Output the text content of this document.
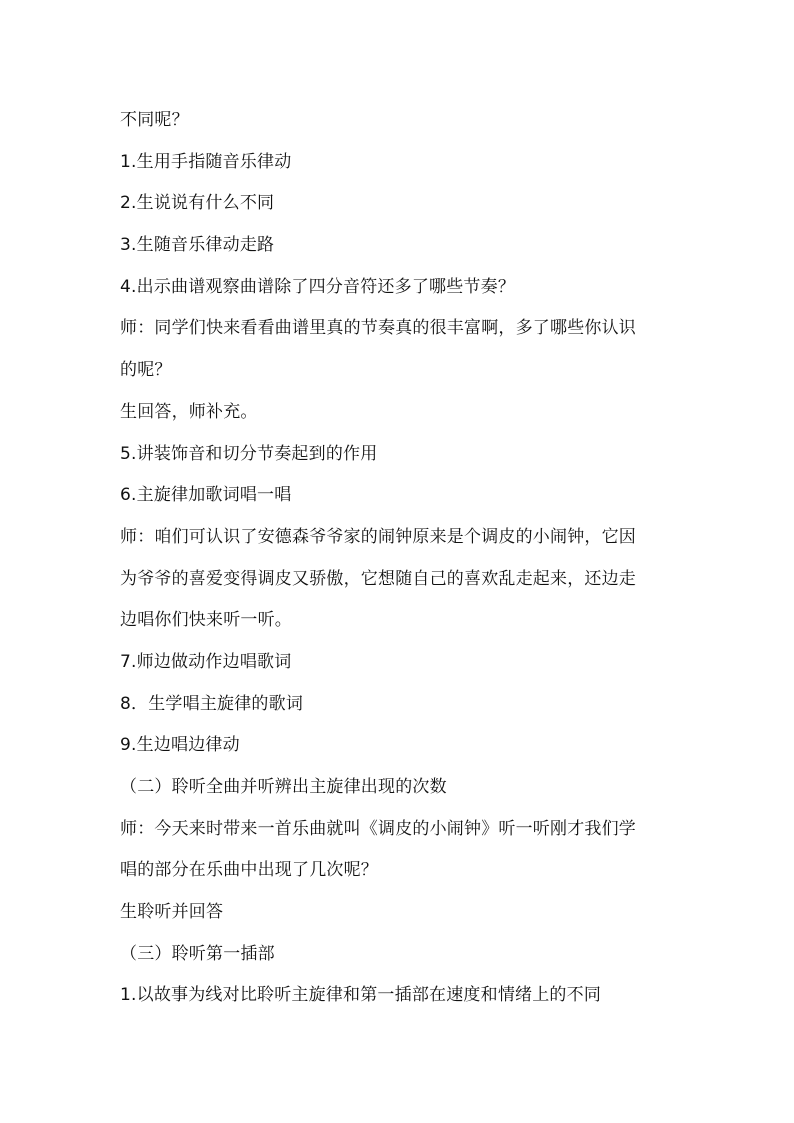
不同呢？
1.生用手指随音乐律动
2.生说说有什么不同
3.生随音乐律动走路
4.出示曲谱观察曲谱除了四分音符还多了哪些节奏？
师：同学们快来看看曲谱里真的节奏真的很丰富啊，多了哪些你认识
的呢？
生回答，师补充。
5.讲装饰音和切分节奏起到的作用
6.主旋律加歌词唱一唱
师：咱们可认识了安德森爷爷家的闹钟原来是个调皮的小闹钟，它因
为爷爷的喜爱变得调皮又骄傲，它想随自己的喜欢乱走起来，还边走
边唱你们快来听一听。
7.师边做动作边唱歌词
8．生学唱主旋律的歌词
9.生边唱边律动
（二）聆听全曲并听辨出主旋律出现的次数
师：今天来时带来一首乐曲就叫《调皮的小闹钟》听一听刚才我们学
唱的部分在乐曲中出现了几次呢？
生聆听并回答
（三）聆听第一插部
1.以故事为线对比聆听主旋律和第一插部在速度和情绪上的不同
